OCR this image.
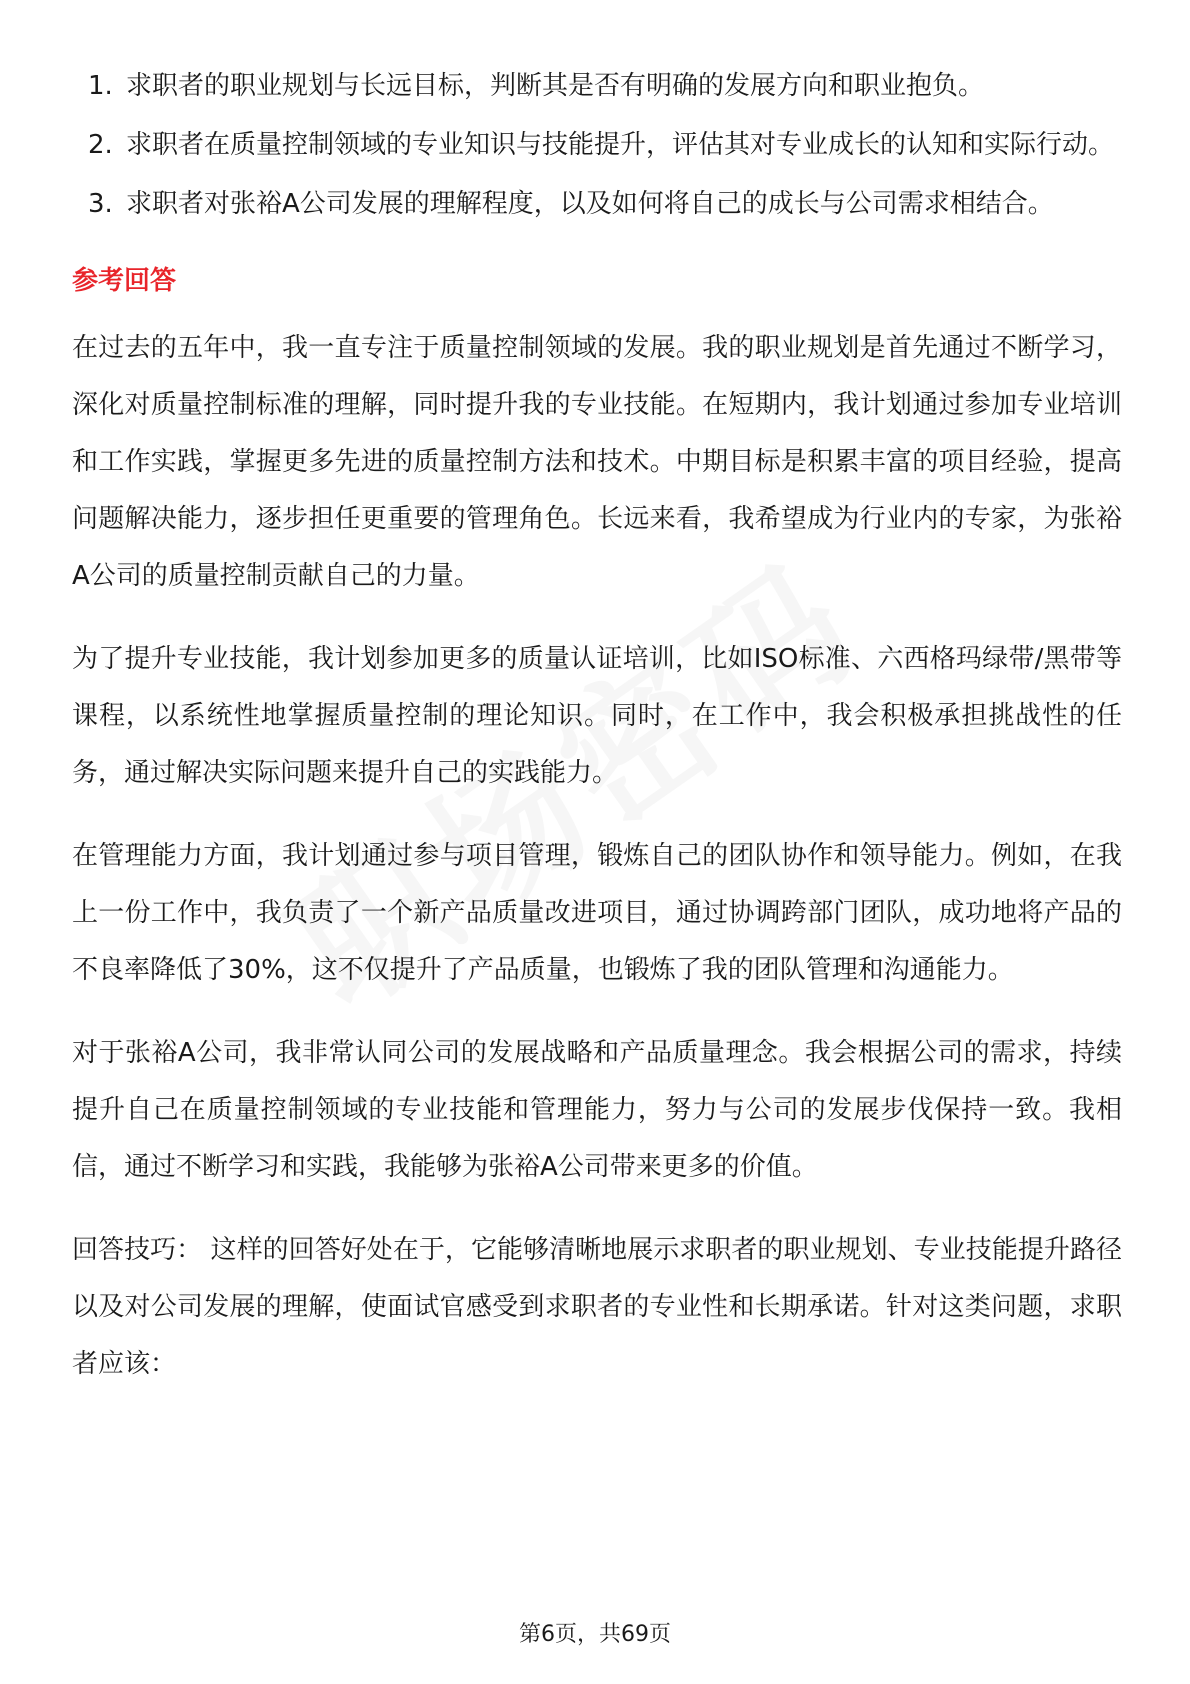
1. 求职者的职业规划与长远目标，判断其是否有明确的发展方向和职业抱负。
2. 求职者在质量控制领域的专业知识与技能提升，评估其对专业成长的认知和实际行动。
3. 求职者对张裕A公司发展的理解程度，以及如何将自己的成长与公司需求相结合。
参考回答

在过去的五年中，我一直专注于质量控制领域的发展。我的职业规划是首先通过不断学习，深化对质量控制标准的理解，同时提升我的专业技能。在短期内，我计划通过参加专业培训和工作实践，掌握更多先进的质量控制方法和技术。中期目标是积累丰富的项目经验，提高问题解决能力，逐步担任更重要的管理角色。长远来看，我希望成为行业内的专家，为张裕A公司的质量控制贡献自己的力量。

为了提升专业技能，我计划参加更多的质量认证培训，比如ISO标准、六西格玛绿带/黑带等课程，以系统性地掌握质量控制的理论知识。同时，在工作中，我会积极承担挑战性的任务，通过解决实际问题来提升自己的实践能力。

在管理能力方面，我计划通过参与项目管理，锻炼自己的团队协作和领导能力。例如，在我上一份工作中，我负责了一个新产品质量改进项目，通过协调跨部门团队，成功地将产品的不良率降低了30%，这不仅提升了产品质量，也锻炼了我的团队管理和沟通能力。

对于张裕A公司，我非常认同公司的发展战略和产品质量理念。我会根据公司的需求，持续提升自己在质量控制领域的专业技能和管理能力，努力与公司的发展步伐保持一致。我相信，通过不断学习和实践，我能够为张裕A公司带来更多的价值。

回答技巧： 这样的回答好处在于，它能够清晰地展示求职者的职业规划、专业技能提升路径以及对公司发展的理解，使面试官感受到求职者的专业性和长期承诺。针对这类问题，求职者应该：

第6页，共69页
